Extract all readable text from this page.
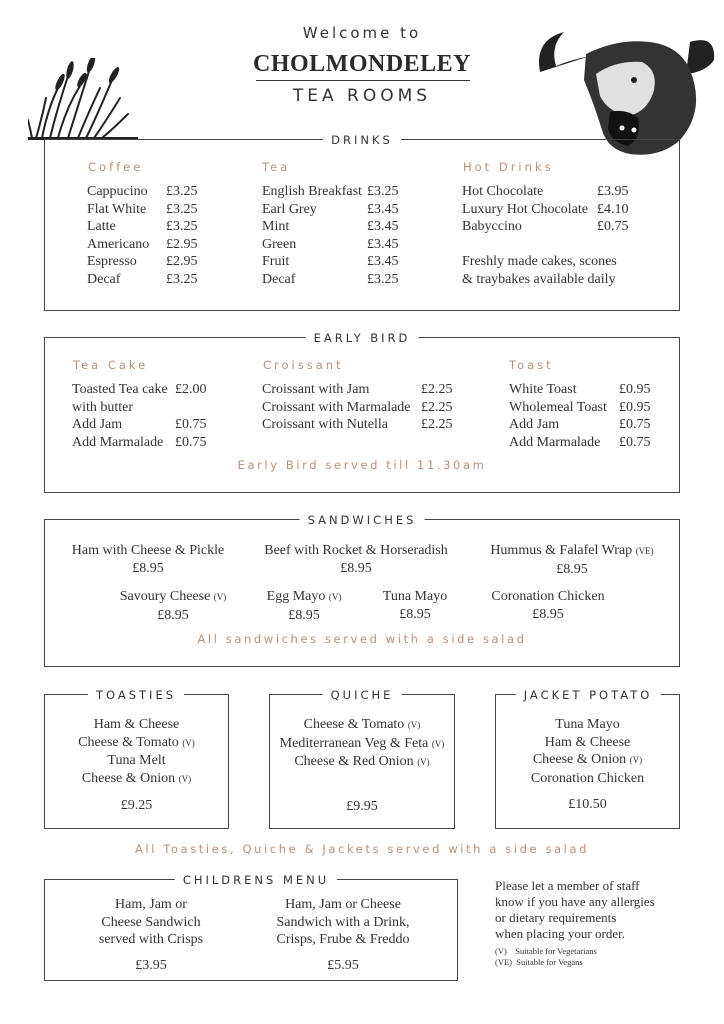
Welcome to
CHOLMONDELEY
TEA ROOMS
DRINKS
Coffee
Cappucino
Flat White
Latte
Americano
Espresso
Decaf
£3.25
£3.25
£3.25
£2.95
£2.95
£3.25
Tea
English Breakfast
Earl Grey
Mint
Green
Fruit
Decaf
£3.25
£3.45
£3.45
£3.45
£3.45
£3.25
Hot Drinks
Hot Chocolate
Luxury Hot Chocolate
Babyccino
£3.95
£4.10
£0.75
Freshly made cakes, scones
& traybakes available daily
EARLY BIRD
Tea Cake
Toasted Tea cake
with butter
Add Jam
Add Marmalade
£2.00

£0.75
£0.75
Croissant
Croissant with Jam
Croissant with Marmalade
Croissant with Nutella
£2.25
£2.25
£2.25
Toast
White Toast
Wholemeal Toast
Add Jam
Add Marmalade
£0.95
£0.95
£0.75
£0.75
Early Bird served till 11.30am
SANDWICHES
Ham with Cheese & Pickle
£8.95
Beef with Rocket & Horseradish
£8.95
Hummus & Falafel Wrap (VE)
£8.95
Savoury Cheese (V)
£8.95
Egg Mayo (V)
£8.95
Tuna Mayo
£8.95
Coronation Chicken
£8.95
All sandwiches served with a side salad
TOASTIES
Ham & Cheese
Cheese & Tomato (V)
Tuna Melt
Cheese & Onion (V)
£9.25
QUICHE
Cheese & Tomato (V)
Mediterranean Veg & Feta (V)
Cheese & Red Onion (V)
£9.95
JACKET POTATO
Tuna Mayo
Ham & Cheese
Cheese & Onion (V)
Coronation Chicken
£10.50
All Toasties, Quiche & Jackets served with a side salad
CHILDRENS MENU
Ham, Jam or
Cheese Sandwich
served with Crisps
£3.95
Ham, Jam or Cheese
Sandwich with a Drink,
Crisps, Frube & Freddo
£5.95
Please let a member of staff
know if you have any allergies
or dietary requirements
when placing your order.
(V)    Suitable for Vegetarians
(VE)  Suitable for Vegans
